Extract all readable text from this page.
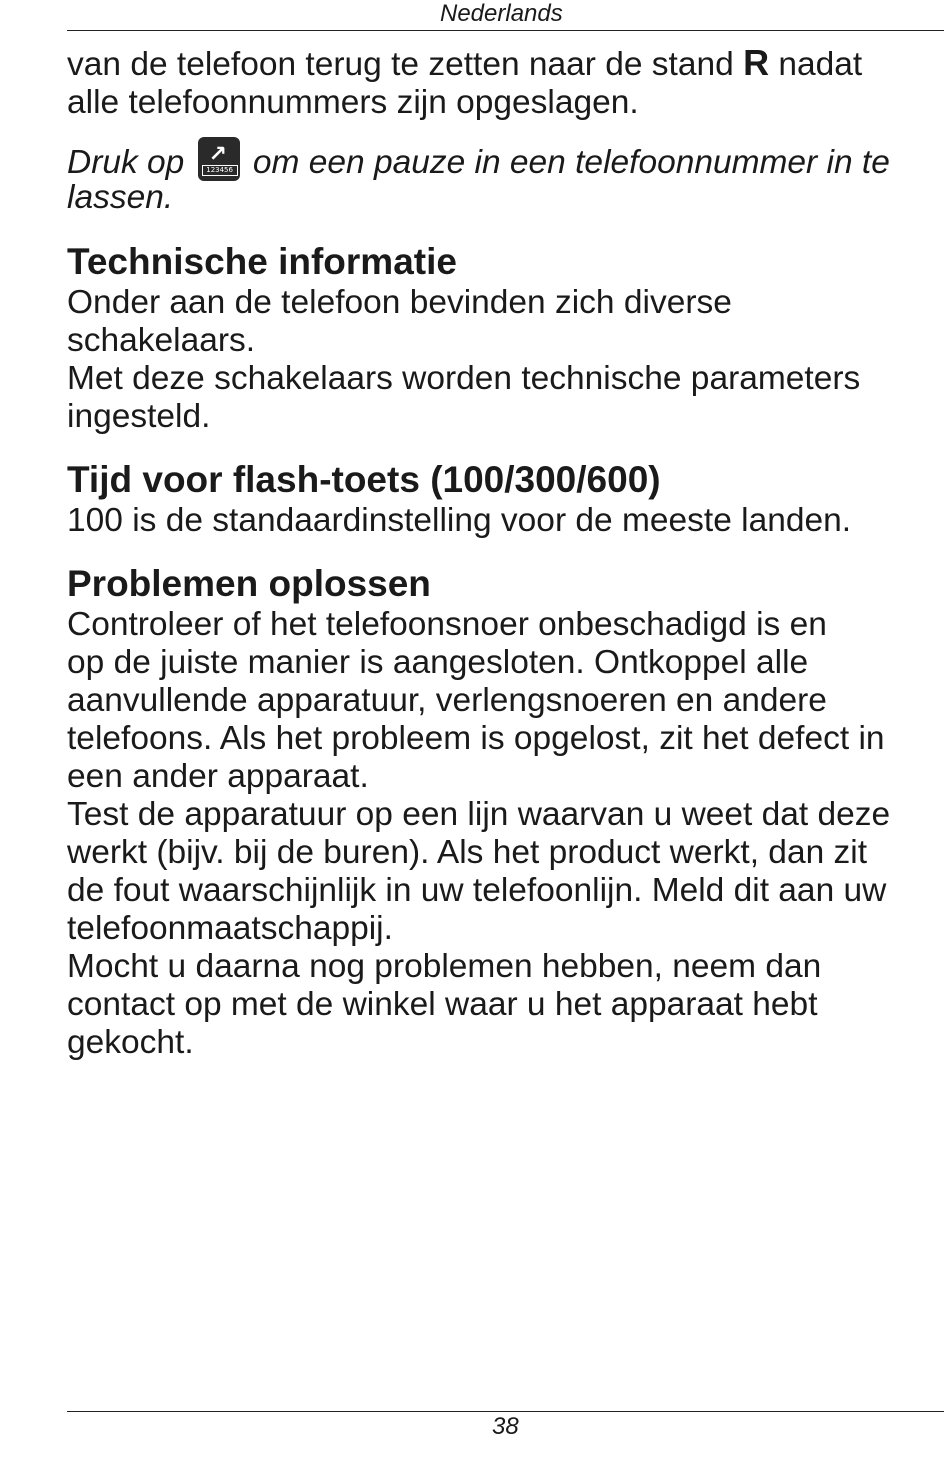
Nederlands

van de telefoon terug te zetten naar de stand R nadat
alle telefoonnummers zijn opgeslagen.

Druk op ↗
123456 om een pauze in een telefoonnummer in te
lassen.

Technische informatie

Onder aan de telefoon bevinden zich diverse
schakelaars.
Met deze schakelaars worden technische parameters
ingesteld.

Tijd voor flash-toets (100/300/600)

100 is de standaardinstelling voor de meeste landen.

Problemen oplossen

Controleer of het telefoonsnoer onbeschadigd is en
op de juiste manier is aangesloten. Ontkoppel alle
aanvullende apparatuur, verlengsnoeren en andere
telefoons. Als het probleem is opgelost, zit het defect in
een ander apparaat.
Test de apparatuur op een lijn waarvan u weet dat deze
werkt (bijv. bij de buren). Als het product werkt, dan zit
de fout waarschijnlijk in uw telefoonlijn. Meld dit aan uw
telefoonmaatschappij.
Mocht u daarna nog problemen hebben, neem dan
contact op met de winkel waar u het apparaat hebt
gekocht.

38
